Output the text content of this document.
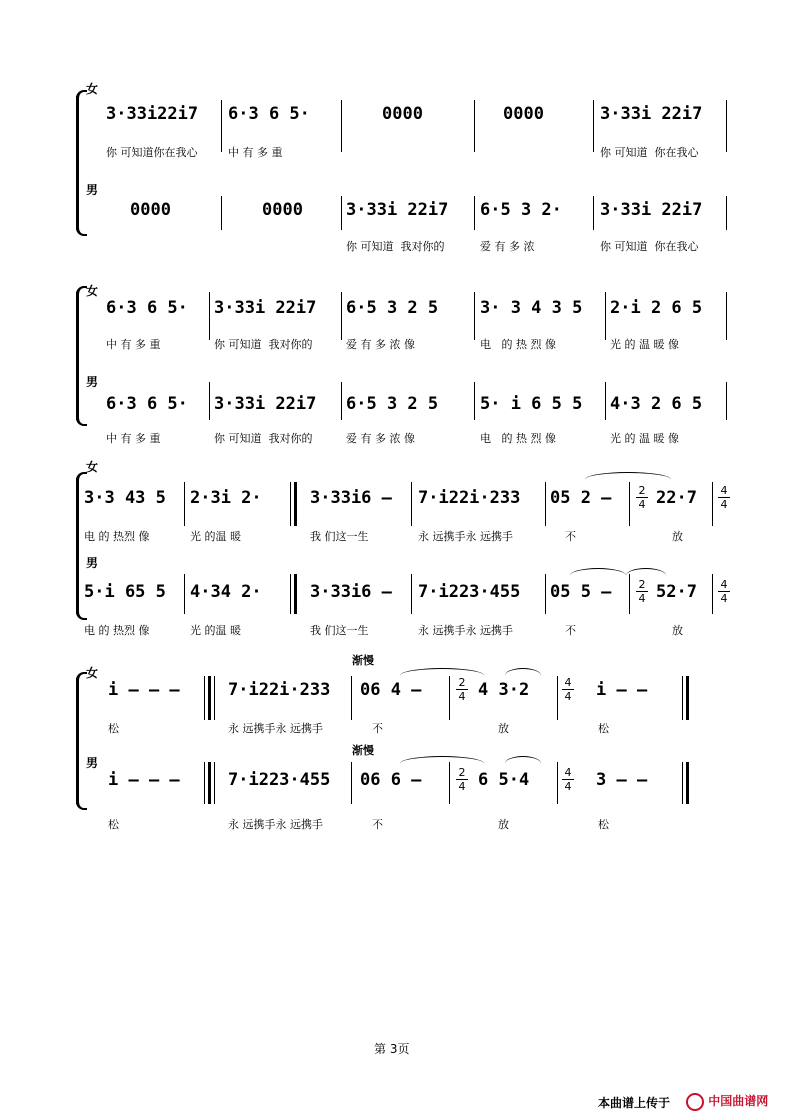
女
男
3·33i22i7 6·3 6 5·	0000	0000	3·33i 22i7
你 可知道你在我心	中 有 多 重	你 可知道  你在我心
0000	0000	3·33i 22i7 6·5 3 2· 3·33i 22i7
你 可知道  我对你的	爱 有 多 浓	你 可知道  你在我心
女
男
6·3 6 5· 3·33i 22i7 6·5 3 2 5 3· 3 4 3 5 2·i 2 6 5
中 有 多 重	你 可知道  我对你的	爱 有 多 浓 像	电   的 热 烈 像	光 的 温 暖 像
6·3 6 5· 3·33i 22i7 6·5 3 2 5 5· i 6 5 5 4·3 2 6 5
中 有 多 重	你 可知道  我对你的	爱 有 多 浓 像	电   的 热 烈 像	光 的 温 暖 像
女
男
3·3 43 5 2·3i 2·	3·33i6 – 7·i22i·233 05 2 –	22·7
$\frac{2}{4}$	$\frac{4}{4}$
电 的 热烈 像	光 的温 暖	我 们这一生	永 远携手永 远携手	不	放
5·i 65 5 4·34 2·	3·33i6 – 7·i223·455 05 5 –	52·7
$\frac{2}{4}$	$\frac{4}{4}$
电 的 热烈 像	光 的温 暖	我 们这一生	永 远携手永 远携手	不	放
渐慢
渐慢
女
男
i – – –	7·i22i·233 06 4 –	4 3·2	i – –
$\frac{2}{4}$	$\frac{4}{4}$
松	永 远携手永 远携手	不	放	松
i – – –	7·i223·455 06 6 –	6 5·4	3 – –
$\frac{2}{4}$	$\frac{4}{4}$
松	永 远携手永 远携手	不	放	松
第 3页
本曲谱上传于	中国曲谱网
